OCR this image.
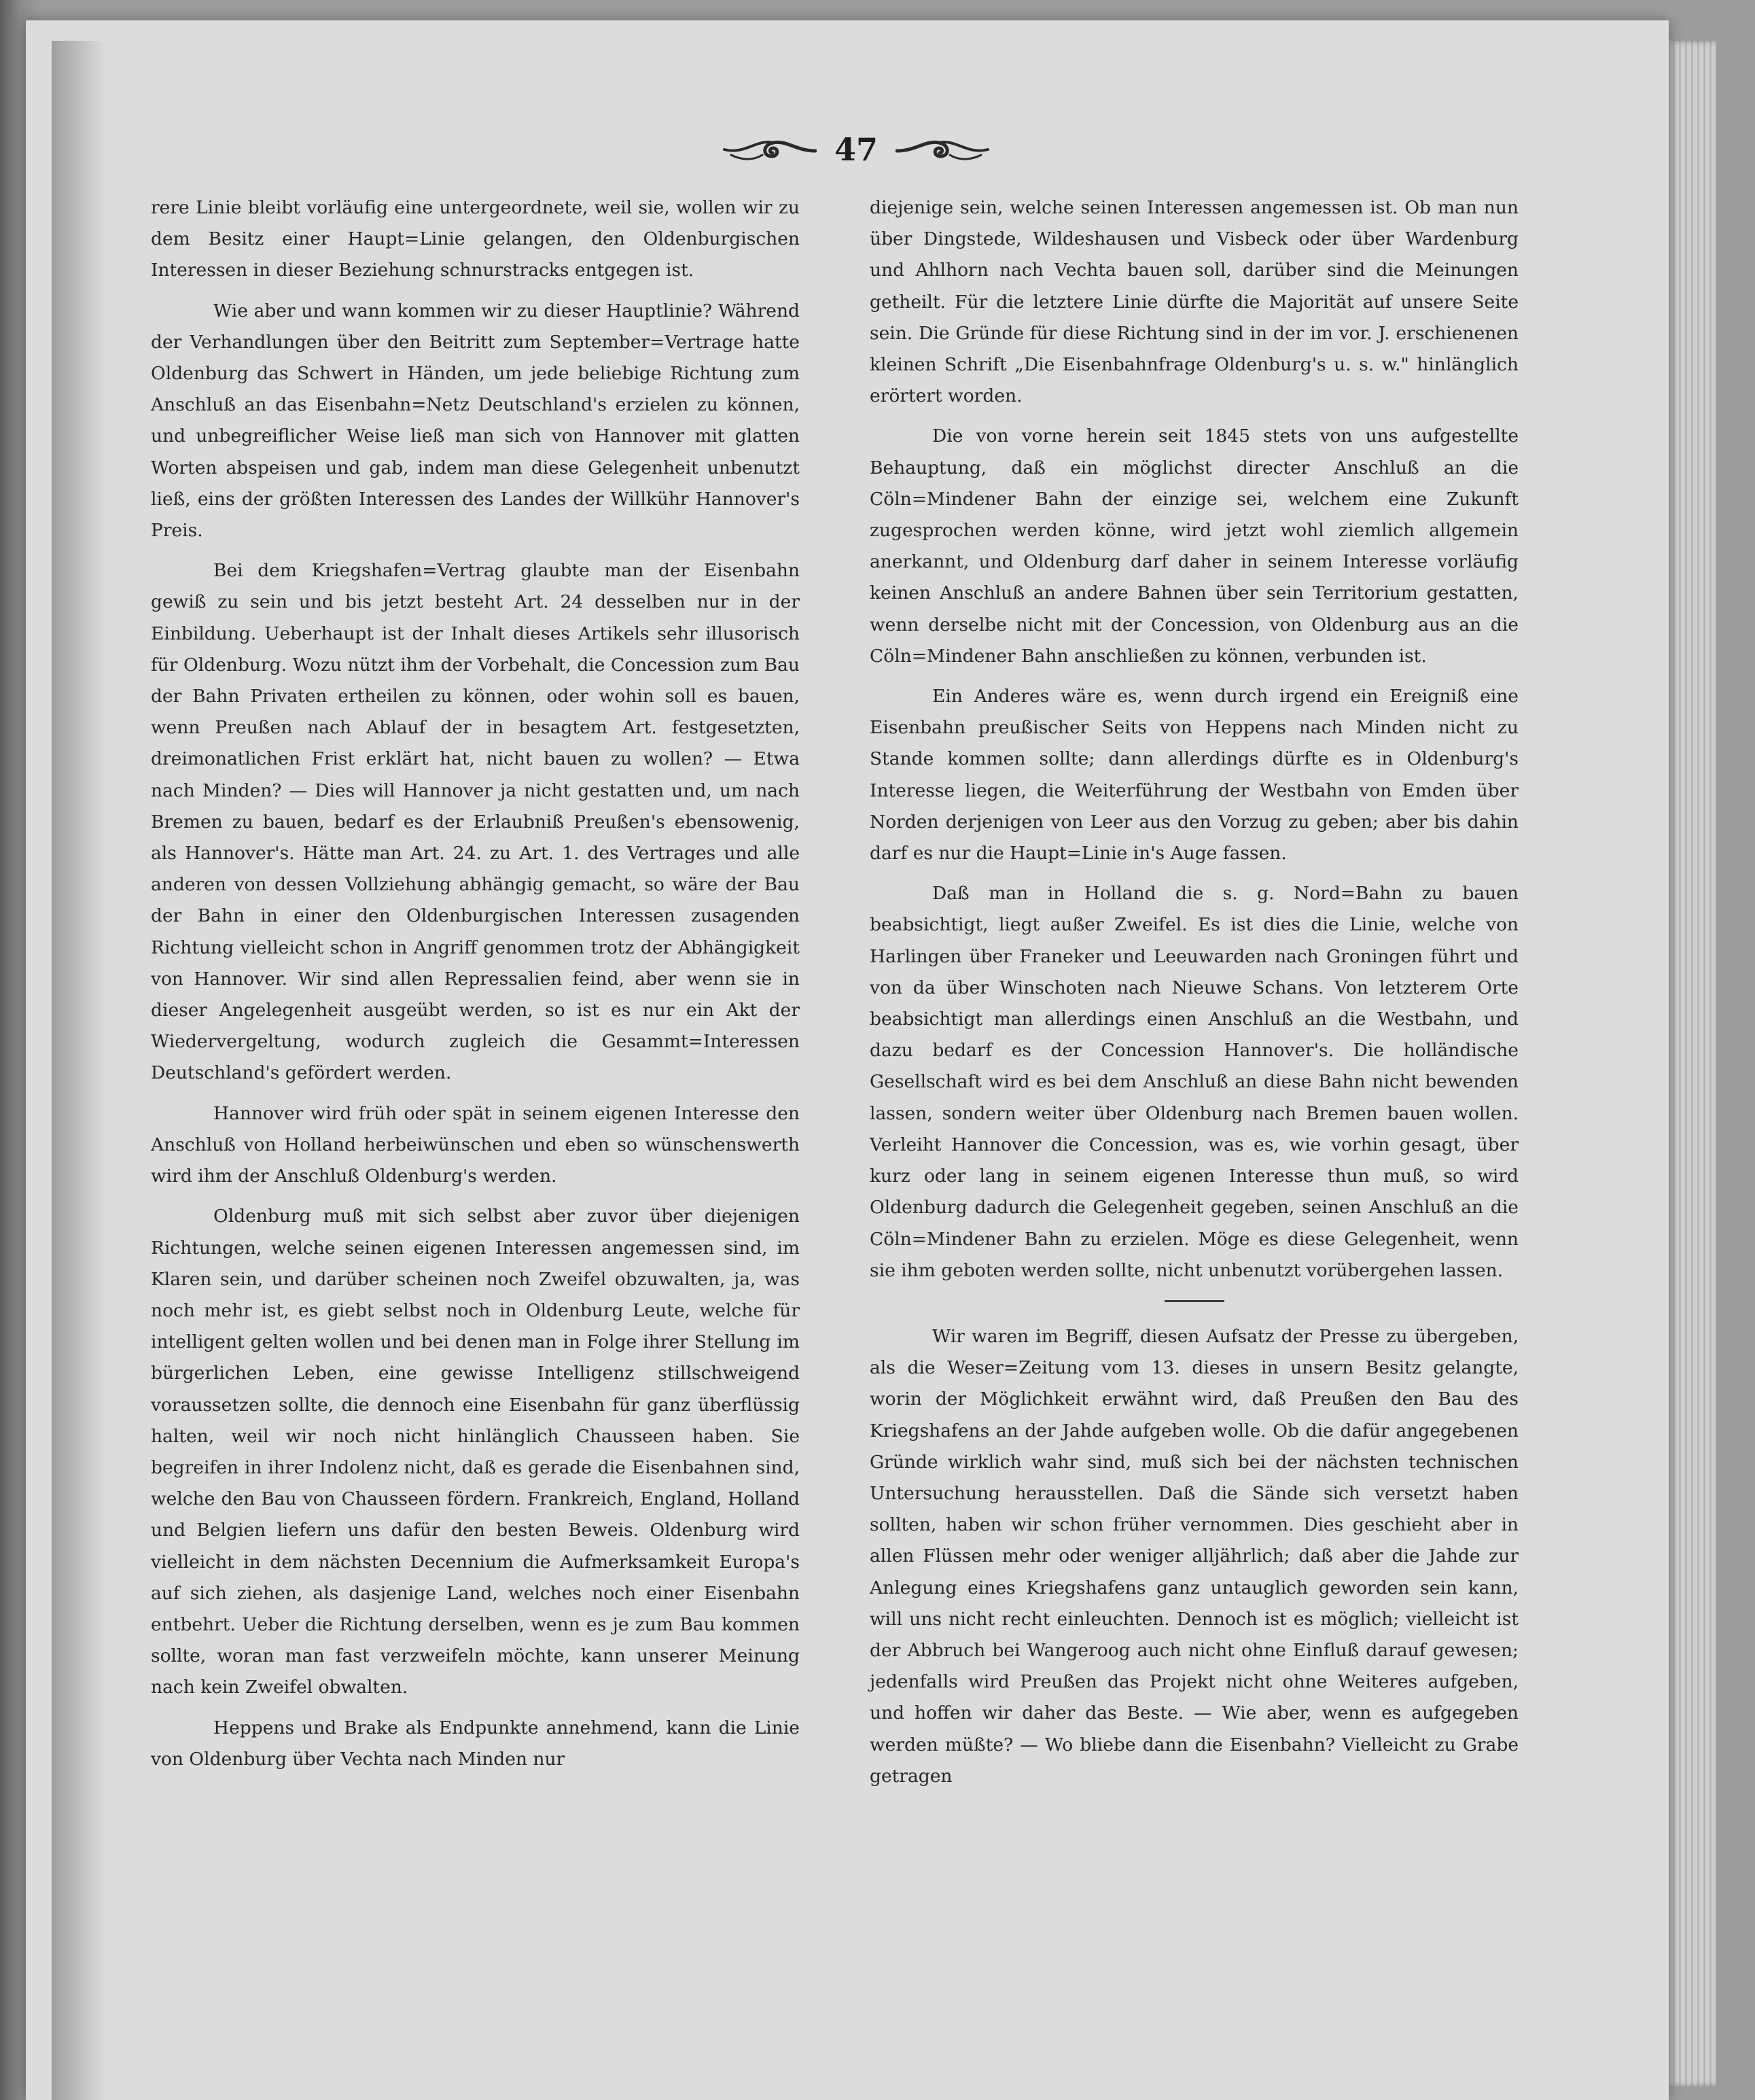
47

rere Linie bleibt vorläufig eine untergeordnete, weil sie, wollen wir zu dem Besitz einer Haupt=Linie gelangen, den Oldenburgischen Interessen in dieser Beziehung schnurstracks entgegen ist.

Wie aber und wann kommen wir zu dieser Hauptlinie? Während der Verhandlungen über den Beitritt zum September=Vertrage hatte Oldenburg das Schwert in Händen, um jede beliebige Richtung zum Anschluß an das Eisenbahn=Netz Deutschland's erzielen zu können, und unbegreiflicher Weise ließ man sich von Hannover mit glatten Worten abspeisen und gab, indem man diese Gelegenheit unbenutzt ließ, eins der größten Interessen des Landes der Willkühr Hannover's Preis.

Bei dem Kriegshafen=Vertrag glaubte man der Eisenbahn gewiß zu sein und bis jetzt besteht Art. 24 desselben nur in der Einbildung. Ueberhaupt ist der Inhalt dieses Artikels sehr illusorisch für Oldenburg. Wozu nützt ihm der Vorbehalt, die Concession zum Bau der Bahn Privaten ertheilen zu können, oder wohin soll es bauen, wenn Preußen nach Ablauf der in besagtem Art. festgesetzten, dreimonatlichen Frist erklärt hat, nicht bauen zu wollen? — Etwa nach Minden? — Dies will Hannover ja nicht gestatten und, um nach Bremen zu bauen, bedarf es der Erlaubniß Preußen's ebensowenig, als Hannover's. Hätte man Art. 24. zu Art. 1. des Vertrages und alle anderen von dessen Vollziehung abhängig gemacht, so wäre der Bau der Bahn in einer den Oldenburgischen Interessen zusagenden Richtung vielleicht schon in Angriff genommen trotz der Abhängigkeit von Hannover. Wir sind allen Repressalien feind, aber wenn sie in dieser Angelegenheit ausgeübt werden, so ist es nur ein Akt der Wiedervergeltung, wodurch zugleich die Gesammt=Interessen Deutschland's gefördert werden.

Hannover wird früh oder spät in seinem eigenen Interesse den Anschluß von Holland herbeiwünschen und eben so wünschenswerth wird ihm der Anschluß Oldenburg's werden.

Oldenburg muß mit sich selbst aber zuvor über diejenigen Richtungen, welche seinen eigenen Interessen angemessen sind, im Klaren sein, und darüber scheinen noch Zweifel obzuwalten, ja, was noch mehr ist, es giebt selbst noch in Oldenburg Leute, welche für intelligent gelten wollen und bei denen man in Folge ihrer Stellung im bürgerlichen Leben, eine gewisse Intelligenz stillschweigend voraussetzen sollte, die dennoch eine Eisenbahn für ganz überflüssig halten, weil wir noch nicht hinlänglich Chausseen haben. Sie begreifen in ihrer Indolenz nicht, daß es gerade die Eisenbahnen sind, welche den Bau von Chausseen fördern. Frankreich, England, Holland und Belgien liefern uns dafür den besten Beweis. Oldenburg wird vielleicht in dem nächsten Decennium die Aufmerksamkeit Europa's auf sich ziehen, als dasjenige Land, welches noch einer Eisenbahn entbehrt. Ueber die Richtung derselben, wenn es je zum Bau kommen sollte, woran man fast verzweifeln möchte, kann unserer Meinung nach kein Zweifel obwalten.

Heppens und Brake als Endpunkte annehmend, kann die Linie von Oldenburg über Vechta nach Minden nur

diejenige sein, welche seinen Interessen angemessen ist. Ob man nun über Dingstede, Wildeshausen und Visbeck oder über Wardenburg und Ahlhorn nach Vechta bauen soll, darüber sind die Meinungen getheilt. Für die letztere Linie dürfte die Majorität auf unsere Seite sein. Die Gründe für diese Richtung sind in der im vor. J. erschienenen kleinen Schrift „Die Eisenbahnfrage Oldenburg's u. s. w." hinlänglich erörtert worden.

Die von vorne herein seit 1845 stets von uns aufgestellte Behauptung, daß ein möglichst directer Anschluß an die Cöln=Mindener Bahn der einzige sei, welchem eine Zukunft zugesprochen werden könne, wird jetzt wohl ziemlich allgemein anerkannt, und Oldenburg darf daher in seinem Interesse vorläufig keinen Anschluß an andere Bahnen über sein Territorium gestatten, wenn derselbe nicht mit der Concession, von Oldenburg aus an die Cöln=Mindener Bahn anschließen zu können, verbunden ist.

Ein Anderes wäre es, wenn durch irgend ein Ereigniß eine Eisenbahn preußischer Seits von Heppens nach Minden nicht zu Stande kommen sollte; dann allerdings dürfte es in Oldenburg's Interesse liegen, die Weiterführung der Westbahn von Emden über Norden derjenigen von Leer aus den Vorzug zu geben; aber bis dahin darf es nur die Haupt=Linie in's Auge fassen.

Daß man in Holland die s. g. Nord=Bahn zu bauen beabsichtigt, liegt außer Zweifel. Es ist dies die Linie, welche von Harlingen über Franeker und Leeuwarden nach Groningen führt und von da über Winschoten nach Nieuwe Schans. Von letzterem Orte beabsichtigt man allerdings einen Anschluß an die Westbahn, und dazu bedarf es der Concession Hannover's. Die holländische Gesellschaft wird es bei dem Anschluß an diese Bahn nicht bewenden lassen, sondern weiter über Oldenburg nach Bremen bauen wollen. Verleiht Hannover die Concession, was es, wie vorhin gesagt, über kurz oder lang in seinem eigenen Interesse thun muß, so wird Oldenburg dadurch die Gelegenheit gegeben, seinen Anschluß an die Cöln=Mindener Bahn zu erzielen. Möge es diese Gelegenheit, wenn sie ihm geboten werden sollte, nicht unbenutzt vorübergehen lassen.

Wir waren im Begriff, diesen Aufsatz der Presse zu übergeben, als die Weser=Zeitung vom 13. dieses in unsern Besitz gelangte, worin der Möglichkeit erwähnt wird, daß Preußen den Bau des Kriegshafens an der Jahde aufgeben wolle. Ob die dafür angegebenen Gründe wirklich wahr sind, muß sich bei der nächsten technischen Untersuchung herausstellen. Daß die Sände sich versetzt haben sollten, haben wir schon früher vernommen. Dies geschieht aber in allen Flüssen mehr oder weniger alljährlich; daß aber die Jahde zur Anlegung eines Kriegshafens ganz untauglich geworden sein kann, will uns nicht recht einleuchten. Dennoch ist es möglich; vielleicht ist der Abbruch bei Wangeroog auch nicht ohne Einfluß darauf gewesen; jedenfalls wird Preußen das Projekt nicht ohne Weiteres aufgeben, und hoffen wir daher das Beste. — Wie aber, wenn es aufgegeben werden müßte? — Wo bliebe dann die Eisenbahn? Vielleicht zu Grabe getragen
